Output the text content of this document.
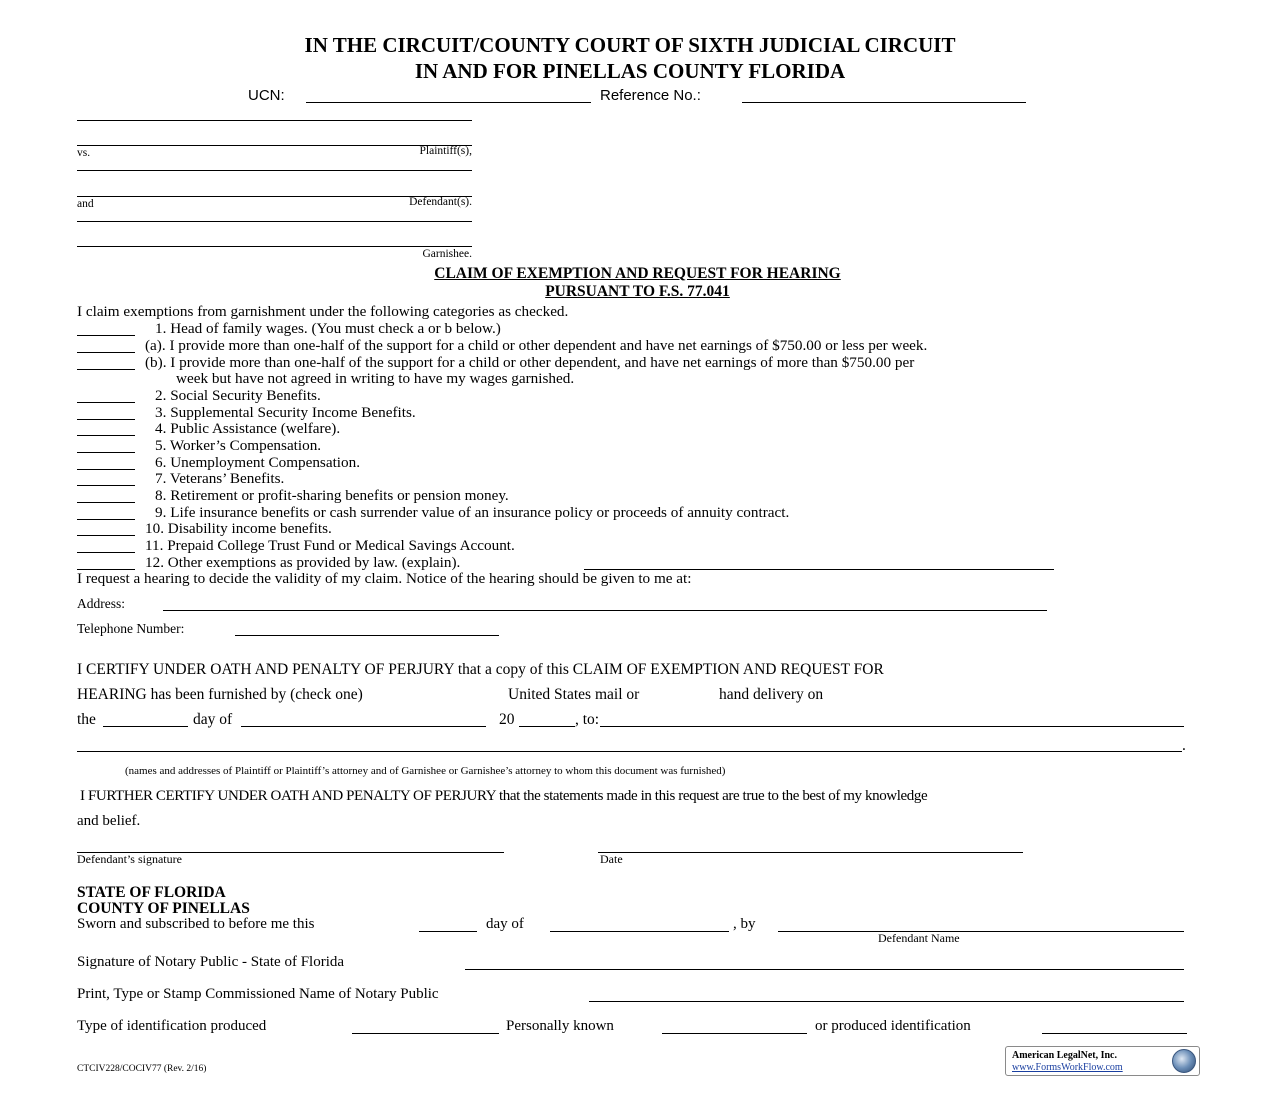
IN THE CIRCUIT/COUNTY COURT OF SIXTH JUDICIAL CIRCUIT
IN AND FOR PINELLAS COUNTY FLORIDA
UCN:	Reference No.:
vs.	Plaintiff(s),
and	Defendant(s).
Garnishee.
CLAIM OF EXEMPTION AND REQUEST FOR HEARING
PURSUANT TO F.S. 77.041
I claim exemptions from garnishment under the following categories as checked.
1. Head of family wages. (You must check a or b below.)
(a). I provide more than one-half of the support for a child or other dependent and have net earnings of $750.00 or less per week.
(b). I provide more than one-half of the support for a child or other dependent, and have net earnings of more than $750.00 per
week but have not agreed in writing to have my wages garnished.
2. Social Security Benefits.
3. Supplemental Security Income Benefits.
4. Public Assistance (welfare).
5. Worker’s Compensation.
6. Unemployment Compensation.
7. Veterans’ Benefits.
8. Retirement or profit-sharing benefits or pension money.
9. Life insurance benefits or cash surrender value of an insurance policy or proceeds of annuity contract.
10. Disability income benefits.
11. Prepaid College Trust Fund or Medical Savings Account.
12. Other exemptions as provided by law. (explain).
I request a hearing to decide the validity of my claim. Notice of the hearing should be given to me at:
Address:
Telephone Number:
I CERTIFY UNDER OATH AND PENALTY OF PERJURY that a copy of this CLAIM OF EXEMPTION AND REQUEST FOR
HEARING has been furnished by (check one)	United States mail or	hand delivery on
the	day of	20	, to:
.
(names and addresses of Plaintiff or Plaintiff’s attorney and of Garnishee or Garnishee’s attorney to whom this document was furnished)
I FURTHER CERTIFY UNDER OATH AND PENALTY OF PERJURY that the statements made in this request are true to the best of my knowledge
and belief.
Defendant’s signature	Date
STATE OF FLORIDA
COUNTY OF PINELLAS
Sworn and subscribed to before me this	day of	, by
Defendant Name
Signature of Notary Public - State of Florida
Print, Type or Stamp Commissioned Name of Notary Public
Type of identification produced	Personally known	or produced identification
CTCIV228/COCIV77 (Rev. 2/16)
American LegalNet, Inc.
www.FormsWorkFlow.com
